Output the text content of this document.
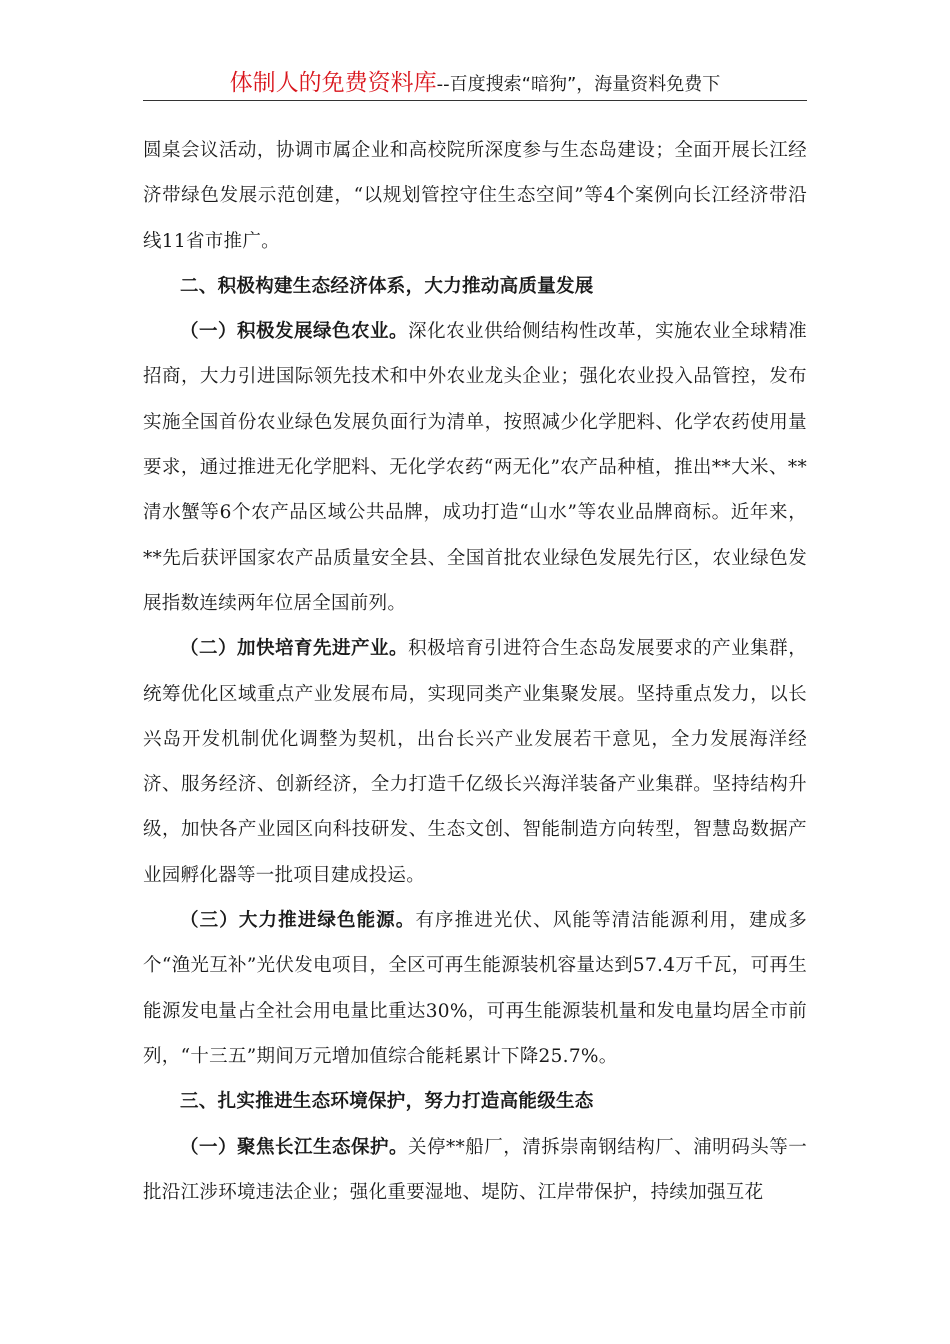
体制人的免费资料库--百度搜索“暗狗”，海量资料免费下

圆桌会议活动，协调市属企业和高校院所深度参与生态岛建设；全面开展长江经济带绿色发展示范创建，“以规划管控守住生态空间”等4个案例向长江经济带沿线11省市推广。

二、积极构建生态经济体系，大力推动高质量发展

（一）积极发展绿色农业。深化农业供给侧结构性改革，实施农业全球精准招商，大力引进国际领先技术和中外农业龙头企业；强化农业投入品管控，发布实施全国首份农业绿色发展负面行为清单，按照减少化学肥料、化学农药使用量要求，通过推进无化学肥料、无化学农药“两无化”农产品种植，推出**大米、**清水蟹等6个农产品区域公共品牌，成功打造“山水”等农业品牌商标。近年来，**先后获评国家农产品质量安全县、全国首批农业绿色发展先行区，农业绿色发展指数连续两年位居全国前列。

（二）加快培育先进产业。积极培育引进符合生态岛发展要求的产业集群，统筹优化区域重点产业发展布局，实现同类产业集聚发展。坚持重点发力，以长兴岛开发机制优化调整为契机，出台长兴产业发展若干意见，全力发展海洋经济、服务经济、创新经济，全力打造千亿级长兴海洋装备产业集群。坚持结构升级，加快各产业园区向科技研发、生态文创、智能制造方向转型，智慧岛数据产业园孵化器等一批项目建成投运。

（三）大力推进绿色能源。有序推进光伏、风能等清洁能源利用，建成多个“渔光互补”光伏发电项目，全区可再生能源装机容量达到57.4万千瓦，可再生能源发电量占全社会用电量比重达30%，可再生能源装机量和发电量均居全市前列，“十三五”期间万元增加值综合能耗累计下降25.7%。

三、扎实推进生态环境保护，努力打造高能级生态

（一）聚焦长江生态保护。关停**船厂，清拆崇南钢结构厂、浦明码头等一批沿江涉环境违法企业；强化重要湿地、堤防、江岸带保护，持续加强互花
